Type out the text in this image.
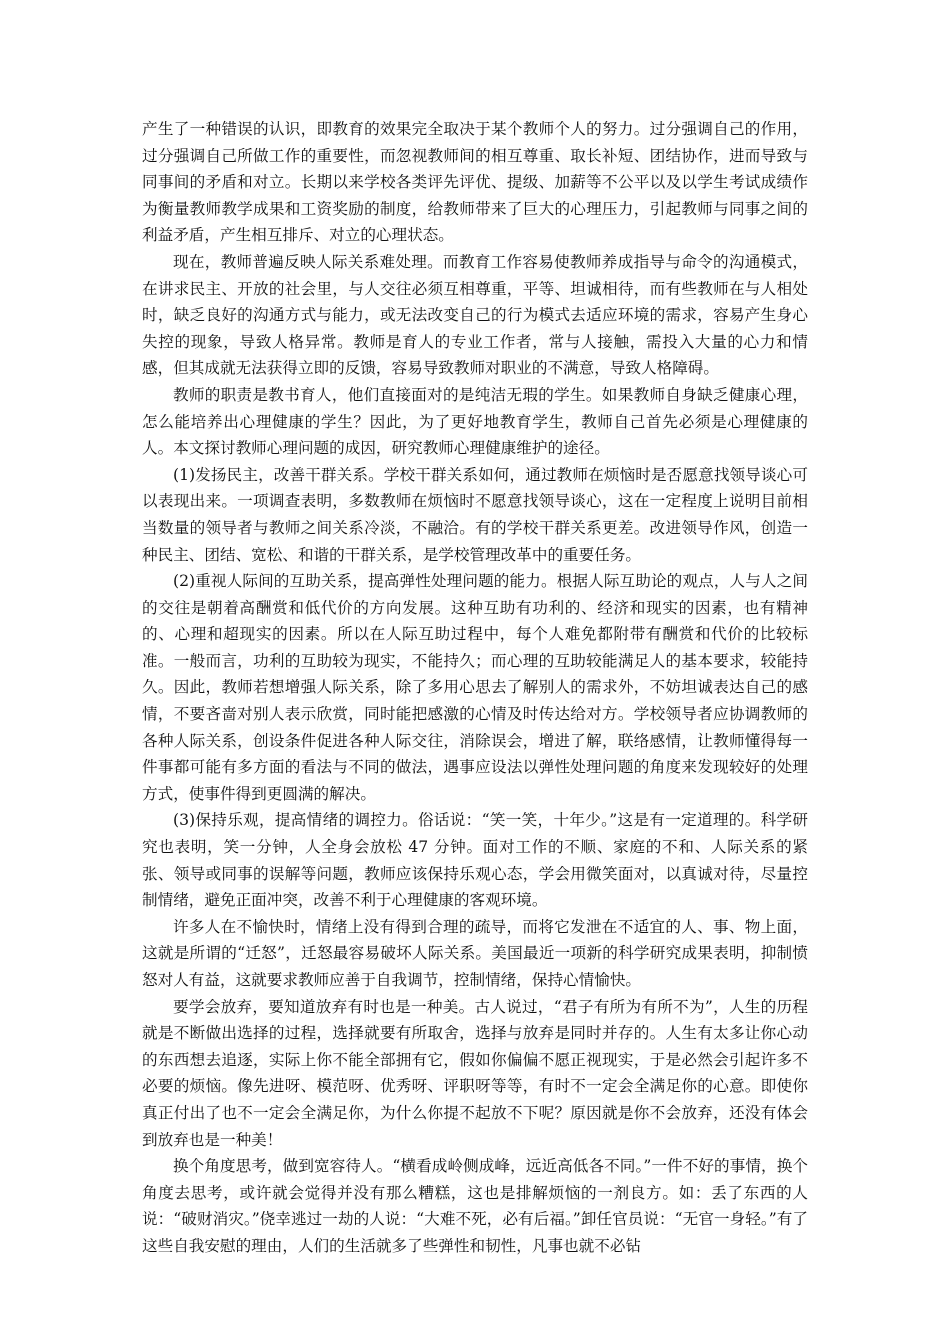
产生了一种错误的认识，即教育的效果完全取决于某个教师个人的努力。过分强调自己的作用，过分强调自己所做工作的重要性，而忽视教师间的相互尊重、取长补短、团结协作，进而导致与同事间的矛盾和对立。长期以来学校各类评先评优、提级、加薪等不公平以及以学生考试成绩作为衡量教师教学成果和工资奖励的制度，给教师带来了巨大的心理压力，引起教师与同事之间的利益矛盾，产生相互排斥、对立的心理状态。

现在，教师普遍反映人际关系难处理。而教育工作容易使教师养成指导与命令的沟通模式，在讲求民主、开放的社会里，与人交往必须互相尊重，平等、坦诚相待，而有些教师在与人相处时，缺乏良好的沟通方式与能力，或无法改变自己的行为模式去适应环境的需求，容易产生身心失控的现象，导致人格异常。教师是育人的专业工作者，常与人接触，需投入大量的心力和情感，但其成就无法获得立即的反馈，容易导致教师对职业的不满意，导致人格障碍。

教师的职责是教书育人，他们直接面对的是纯洁无瑕的学生。如果教师自身缺乏健康心理，怎么能培养出心理健康的学生？因此，为了更好地教育学生，教师自己首先必须是心理健康的人。本文探讨教师心理问题的成因，研究教师心理健康维护的途径。

(1)发扬民主，改善干群关系。学校干群关系如何，通过教师在烦恼时是否愿意找领导谈心可以表现出来。一项调查表明，多数教师在烦恼时不愿意找领导谈心，这在一定程度上说明目前相当数量的领导者与教师之间关系冷淡，不融洽。有的学校干群关系更差。改进领导作风，创造一种民主、团结、宽松、和谐的干群关系，是学校管理改革中的重要任务。

(2)重视人际间的互助关系，提高弹性处理问题的能力。根据人际互助论的观点，人与人之间的交往是朝着高酬赏和低代价的方向发展。这种互助有功利的、经济和现实的因素，也有精神的、心理和超现实的因素。所以在人际互助过程中，每个人难免都附带有酬赏和代价的比较标准。一般而言，功利的互助较为现实，不能持久；而心理的互助较能满足人的基本要求，较能持久。因此，教师若想增强人际关系，除了多用心思去了解别人的需求外，不妨坦诚表达自己的感情，不要吝啬对别人表示欣赏，同时能把感激的心情及时传达给对方。学校领导者应协调教师的各种人际关系，创设条件促进各种人际交往，消除误会，增进了解，联络感情，让教师懂得每一件事都可能有多方面的看法与不同的做法，遇事应设法以弹性处理问题的角度来发现较好的处理方式，使事件得到更圆满的解决。

(3)保持乐观，提高情绪的调控力。俗话说：“笑一笑，十年少。”这是有一定道理的。科学研究也表明，笑一分钟，人全身会放松 47 分钟。面对工作的不顺、家庭的不和、人际关系的紧张、领导或同事的误解等问题，教师应该保持乐观心态，学会用微笑面对，以真诚对待，尽量控制情绪，避免正面冲突，改善不利于心理健康的客观环境。

许多人在不愉快时，情绪上没有得到合理的疏导，而将它发泄在不适宜的人、事、物上面，这就是所谓的“迁怒”，迁怒最容易破坏人际关系。美国最近一项新的科学研究成果表明，抑制愤怒对人有益，这就要求教师应善于自我调节，控制情绪，保持心情愉快。

要学会放弃，要知道放弃有时也是一种美。古人说过，“君子有所为有所不为”，人生的历程就是不断做出选择的过程，选择就要有所取舍，选择与放弃是同时并存的。人生有太多让你心动的东西想去追逐，实际上你不能全部拥有它，假如你偏偏不愿正视现实，于是必然会引起许多不必要的烦恼。像先进呀、模范呀、优秀呀、评职呀等等，有时不一定会全满足你的心意。即使你真正付出了也不一定会全满足你，为什么你提不起放不下呢？原因就是你不会放弃，还没有体会到放弃也是一种美！

换个角度思考，做到宽容待人。“横看成岭侧成峰，远近高低各不同。”一件不好的事情，换个角度去思考，或许就会觉得并没有那么糟糕，这也是排解烦恼的一剂良方。如：丢了东西的人说：“破财消灾。”侥幸逃过一劫的人说：“大难不死，必有后福。”卸任官员说：“无官一身轻。”有了这些自我安慰的理由，人们的生活就多了些弹性和韧性，凡事也就不必钻
